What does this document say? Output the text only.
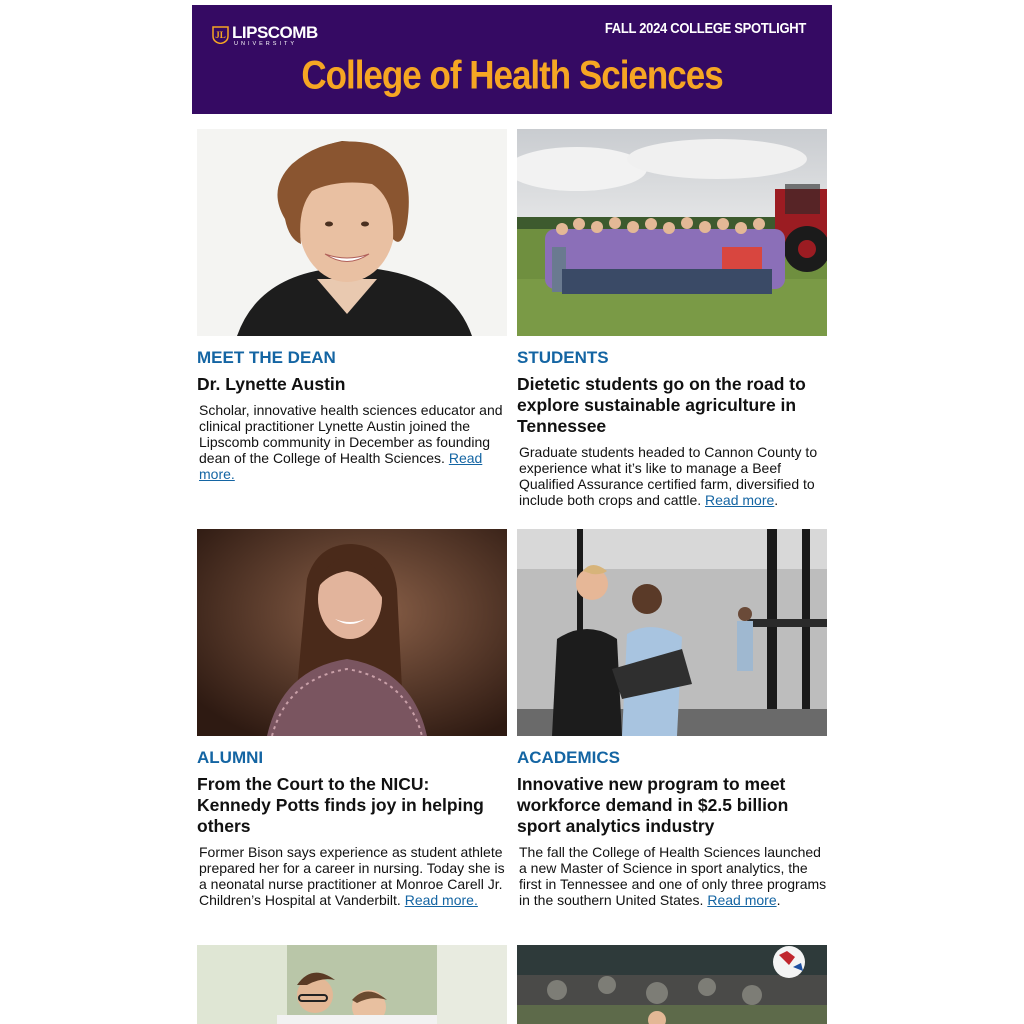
JL LIPSCOMB
UNIVERSITY
FALL 2024 COLLEGE SPOTLIGHT
College of Health Sciences
MEET THE DEAN
Dr. Lynette Austin
Scholar, innovative health sciences educator and clinical practitioner Lynette Austin joined the Lipscomb community in December as founding dean of the College of Health Sciences. Read more.
STUDENTS
Dietetic students go on the road to explore sustainable agriculture in Tennessee
Graduate students headed to Cannon County to experience what it’s like to manage a Beef Qualified Assurance certified farm, diversified to include both crops and cattle. Read more.
ALUMNI
From the Court to the NICU: Kennedy Potts finds joy in helping others
Former Bison says experience as student athlete prepared her for a career in nursing. Today she is a neonatal nurse practitioner at Monroe Carell Jr. Children’s Hospital at Vanderbilt. Read more.
ACADEMICS
Innovative new program to meet workforce demand in $2.5 billion sport analytics industry
The fall the College of Health Sciences launched a new Master of Science in sport analytics, the first in Tennessee and one of only three programs in the southern United States. Read more.
